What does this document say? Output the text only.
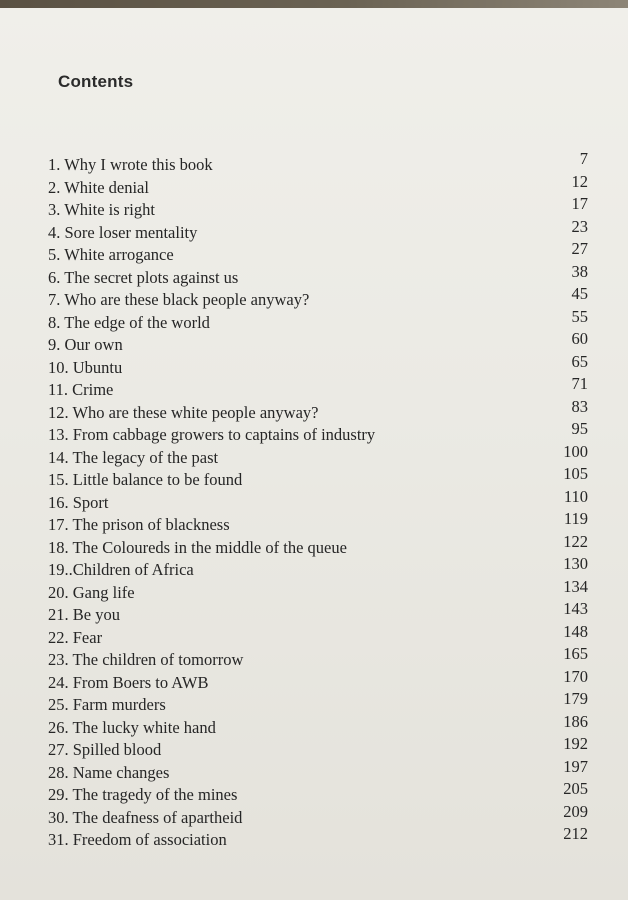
Contents
1. Why I wrote this book	7
2. White denial	12
3. White is right	17
4. Sore loser mentality	23
5. White arrogance	27
6. The secret plots against us	38
7. Who are these black people anyway?	45
8. The edge of the world	55
9. Our own	60
10. Ubuntu	65
11. Crime	71
12. Who are these white people anyway?	83
13. From cabbage growers to captains of industry	95
14. The legacy of the past	100
15. Little balance to be found	105
16. Sport	110
17. The prison of blackness	119
18. The Coloureds in the middle of the queue	122
19..Children of Africa	130
20. Gang life	134
21. Be you	143
22. Fear	148
23. The children of tomorrow	165
24. From Boers to AWB	170
25. Farm murders	179
26. The lucky white hand	186
27. Spilled blood	192
28. Name changes	197
29. The tragedy of the mines	205
30. The deafness of apartheid	209
31. Freedom of association	212
